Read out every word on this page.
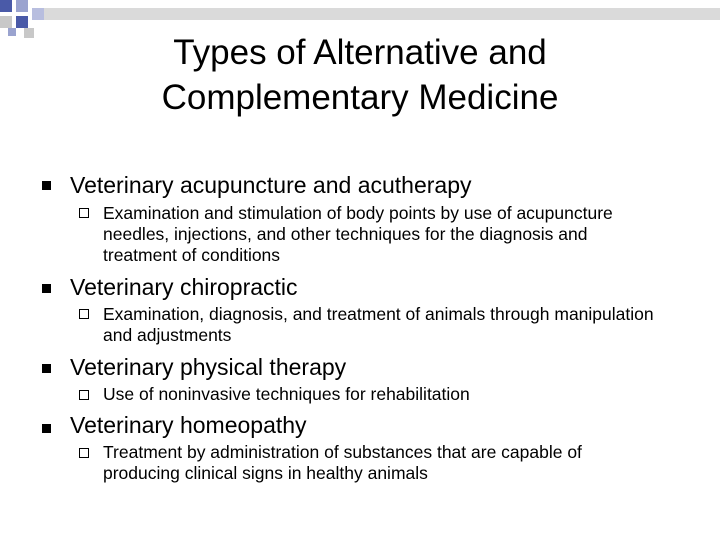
Types of Alternative and
Complementary Medicine
Veterinary acupuncture and acutherapy
Examination and stimulation of body points by use of acupuncture needles, injections, and other techniques for the diagnosis and treatment of conditions
Veterinary chiropractic
Examination, diagnosis, and treatment of animals through manipulation and adjustments
Veterinary physical therapy
Use of noninvasive techniques for rehabilitation
Veterinary homeopathy
Treatment by administration of substances that are capable of producing clinical signs in healthy animals
